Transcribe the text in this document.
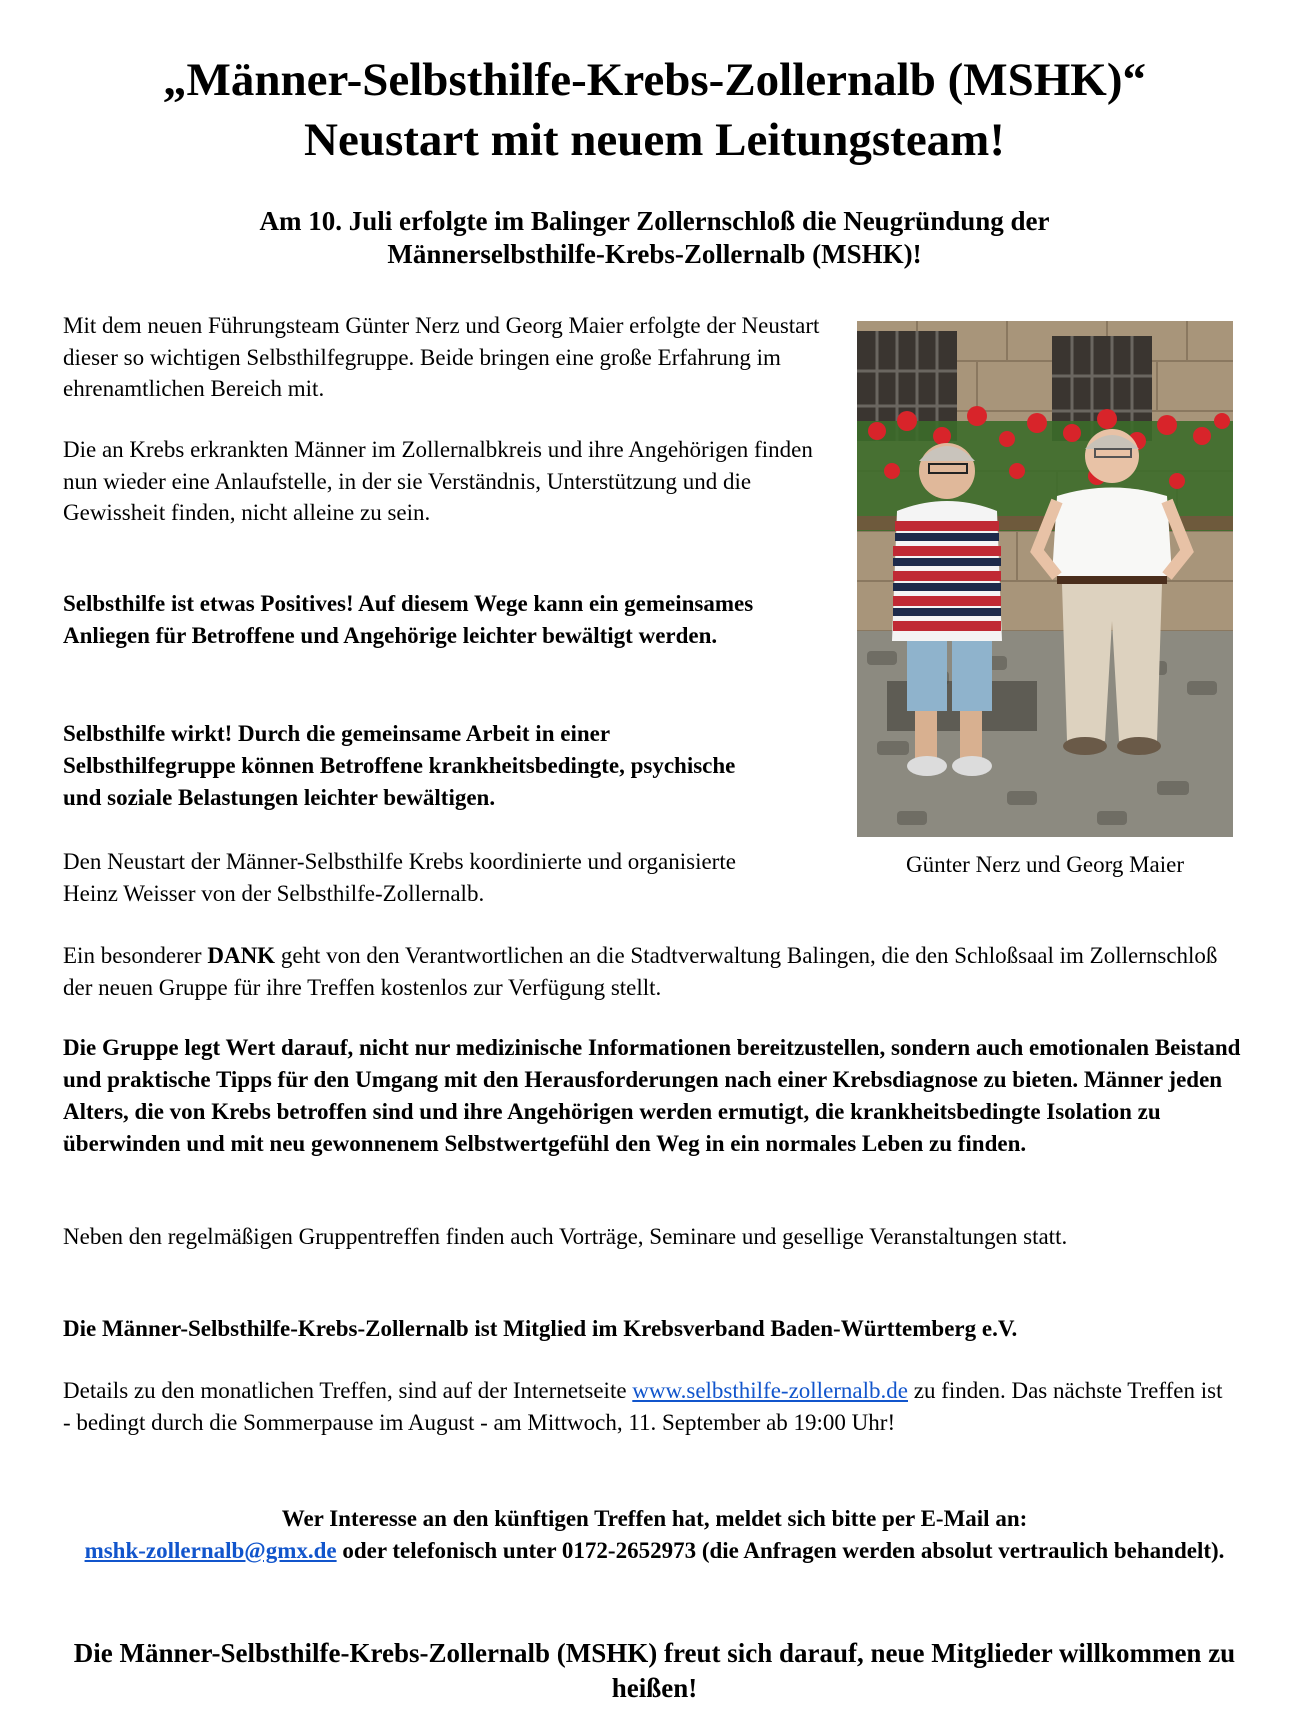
„Männer-Selbsthilfe-Krebs-Zollernalb (MSHK)“
Neustart mit neuem Leitungsteam!
Am 10. Juli erfolgte im Balinger Zollernschloß die Neugründung der
Männerselbsthilfe-Krebs-Zollernalb (MSHK)!

Mit dem neuen Führungsteam Günter Nerz und Georg Maier erfolgte der Neustart dieser so wichtigen Selbsthilfegruppe. Beide bringen eine große Erfahrung im ehrenamtlichen Bereich mit.

Die an Krebs erkrankten Männer im Zollernalbkreis und ihre Angehörigen finden nun wieder eine Anlaufstelle, in der sie Verständnis, Unterstützung und die Gewissheit finden, nicht alleine zu sein.

Selbsthilfe ist etwas Positives! Auf diesem Wege kann ein gemeinsames Anliegen für Betroffene und Angehörige leichter bewältigt werden.

Selbsthilfe wirkt! Durch die gemeinsame Arbeit in einer Selbsthilfegruppe können Betroffene krankheitsbedingte, psychische und soziale Belastungen leichter bewältigen.

Den Neustart der Männer-Selbsthilfe Krebs koordinierte und organisierte Heinz Weisser von der Selbsthilfe-Zollernalb.

Günter Nerz und Georg Maier

Ein besonderer DANK geht von den Verantwortlichen an die Stadtverwaltung Balingen, die den Schloßsaal im Zollernschloß der neuen Gruppe für ihre Treffen kostenlos zur Verfügung stellt.

Die Gruppe legt Wert darauf, nicht nur medizinische Informationen bereitzustellen, sondern auch emotionalen Beistand und praktische Tipps für den Umgang mit den Herausforderungen nach einer Krebsdiagnose zu bieten. Männer jeden Alters, die von Krebs betroffen sind und ihre Angehörigen werden ermutigt, die krankheitsbedingte Isolation zu überwinden und mit neu gewonnenem Selbstwertgefühl den Weg in ein normales Leben zu finden.

Neben den regelmäßigen Gruppentreffen finden auch Vorträge, Seminare und gesellige Veranstaltungen statt.

Die Männer-Selbsthilfe-Krebs-Zollernalb ist Mitglied im Krebsverband Baden-Württemberg e.V.

Details zu den monatlichen Treffen, sind auf der Internetseite www.selbsthilfe-zollernalb.de zu finden. Das nächste Treffen ist - bedingt durch die Sommerpause im August - am Mittwoch, 11. September ab 19:00 Uhr!

Wer Interesse an den künftigen Treffen hat, meldet sich bitte per E-Mail an:
mshk-zollernalb@gmx.de oder telefonisch unter 0172-2652973 (die Anfragen werden absolut vertraulich behandelt).
Die Männer-Selbsthilfe-Krebs-Zollernalb (MSHK) freut sich darauf, neue Mitglieder willkommen zu heißen!
